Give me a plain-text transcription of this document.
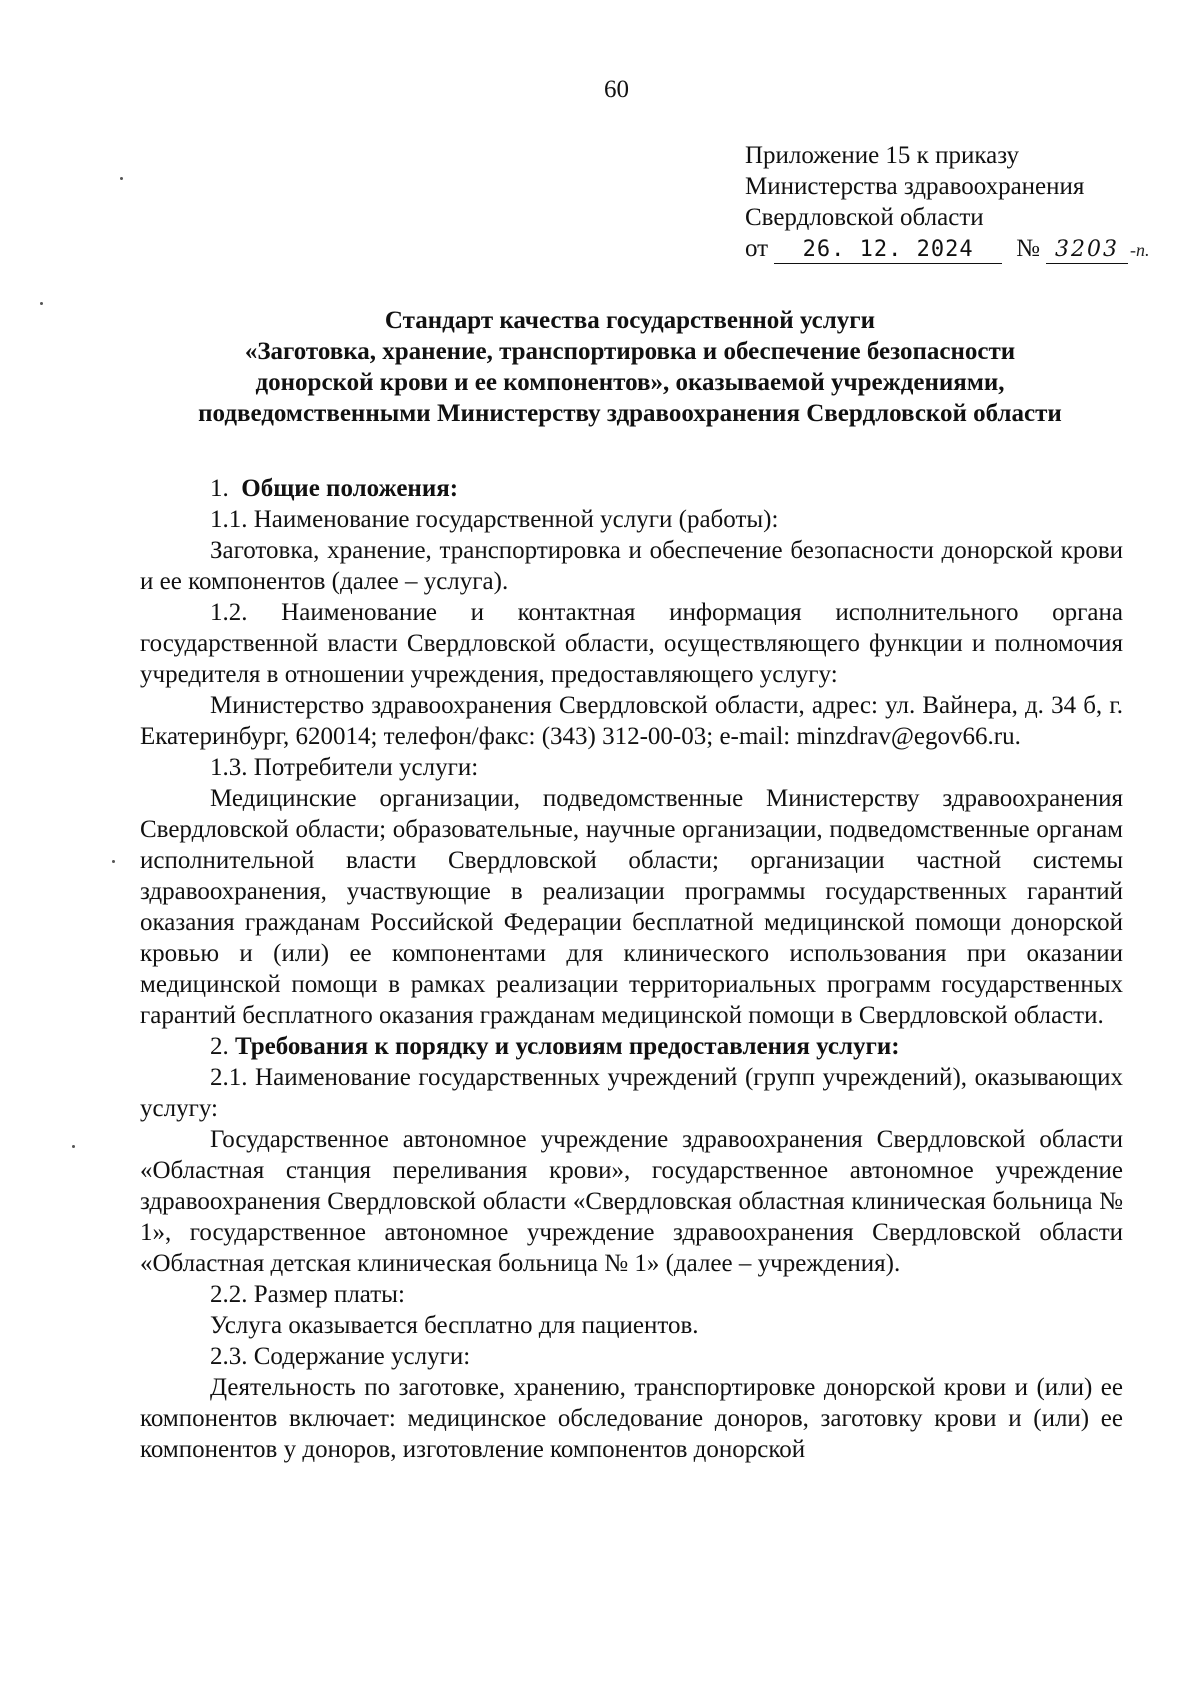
60
Приложение 15 к приказу
Министерства здравоохранения
Свердловской области
от 26. 12. 2024 № 3203 -п.
Стандарт качества государственной услуги
«Заготовка, хранение, транспортировка и обеспечение безопасности
донорской крови и ее компонентов», оказываемой учреждениями,
подведомственными Министерству здравоохранения Свердловской области

1. Общие положения:

1.1. Наименование государственной услуги (работы):

Заготовка, хранение, транспортировка и обеспечение безопасности донорской крови и ее компонентов (далее – услуга).

1.2. Наименование и контактная информация исполнительного органа государственной власти Свердловской области, осуществляющего функции и полномочия учредителя в отношении учреждения, предоставляющего услугу:

Министерство здравоохранения Свердловской области, адрес: ул. Вайнера, д. 34 б, г. Екатеринбург, 620014; телефон/факс: (343) 312-00-03; e-mail: minzdrav@egov66.ru.

1.3. Потребители услуги:

Медицинские организации, подведомственные Министерству здравоохранения Свердловской области; образовательные, научные организации, подведомственные органам исполнительной власти Свердловской области; организации частной системы здравоохранения, участвующие в реализации программы государственных гарантий оказания гражданам Российской Федерации бесплатной медицинской помощи донорской кровью и (или) ее компонентами для клинического использования при оказании медицинской помощи в рамках реализации территориальных программ государственных гарантий бесплатного оказания гражданам медицинской помощи в Свердловской области.

2. Требования к порядку и условиям предоставления услуги:

2.1. Наименование государственных учреждений (групп учреждений), оказывающих услугу:

Государственное автономное учреждение здравоохранения Свердловской области «Областная станция переливания крови», государственное автономное учреждение здравоохранения Свердловской области «Свердловская областная клиническая больница № 1», государственное автономное учреждение здравоохранения Свердловской области «Областная детская клиническая больница № 1» (далее – учреждения).

2.2. Размер платы:

Услуга оказывается бесплатно для пациентов.

2.3. Содержание услуги:

Деятельность по заготовке, хранению, транспортировке донорской крови и (или) ее компонентов включает: медицинское обследование доноров, заготовку крови и (или) ее компонентов у доноров, изготовление компонентов донорской
